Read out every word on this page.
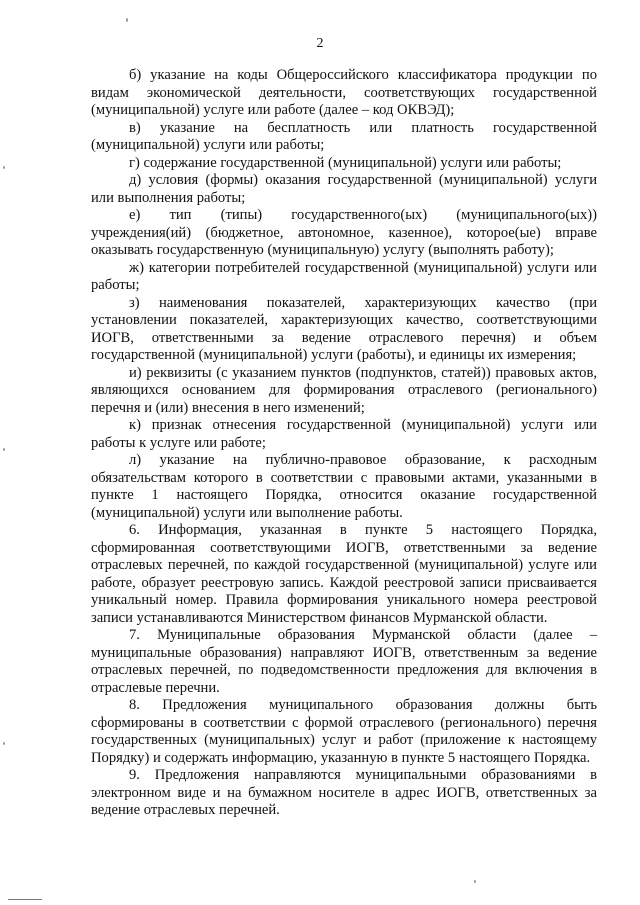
2

б) указание на коды Общероссийского классификатора продукции по видам экономической деятельности, соответствующих государственной (муниципальной) услуге или работе (далее – код ОКВЭД);

в) указание на бесплатность или платность государственной (муниципальной) услуги или работы;

г) содержание государственной (муниципальной) услуги или работы;

д) условия (формы) оказания государственной (муниципальной) услуги или выполнения работы;

е) тип (типы) государственного(ых) (муниципального(ых)) учреждения(ий) (бюджетное, автономное, казенное), которое(ые) вправе оказывать государственную (муниципальную) услугу (выполнять работу);

ж) категории потребителей государственной (муниципальной) услуги или работы;

з) наименования показателей, характеризующих качество (при установлении показателей, характеризующих качество, соответствующими ИОГВ, ответственными за ведение отраслевого перечня) и объем государственной (муниципальной) услуги (работы), и единицы их измерения;

и) реквизиты (с указанием пунктов (подпунктов, статей)) правовых актов, являющихся основанием для формирования отраслевого (регионального) перечня и (или) внесения в него изменений;

к) признак отнесения государственной (муниципальной) услуги или работы к услуге или работе;

л) указание на публично-правовое образование, к расходным обязательствам которого в соответствии с правовыми актами, указанными в пункте 1 настоящего Порядка, относится оказание государственной (муниципальной) услуги или выполнение работы.

6. Информация, указанная в пункте 5 настоящего Порядка, сформированная соответствующими ИОГВ, ответственными за ведение отраслевых перечней, по каждой государственной (муниципальной) услуге или работе, образует реестровую запись. Каждой реестровой записи присваивается уникальный номер. Правила формирования уникального номера реестровой записи устанавливаются Министерством финансов Мурманской области.

7. Муниципальные образования Мурманской области (далее – муниципальные образования) направляют ИОГВ, ответственным за ведение отраслевых перечней, по подведомственности предложения для включения в отраслевые перечни.

8. Предложения муниципального образования должны быть сформированы в соответствии с формой отраслевого (регионального) перечня государственных (муниципальных) услуг и работ (приложение к настоящему Порядку) и содержать информацию, указанную в пункте 5 настоящего Порядка.

9. Предложения направляются муниципальными образованиями в электронном виде и на бумажном носителе в адрес ИОГВ, ответственных за ведение отраслевых перечней.
